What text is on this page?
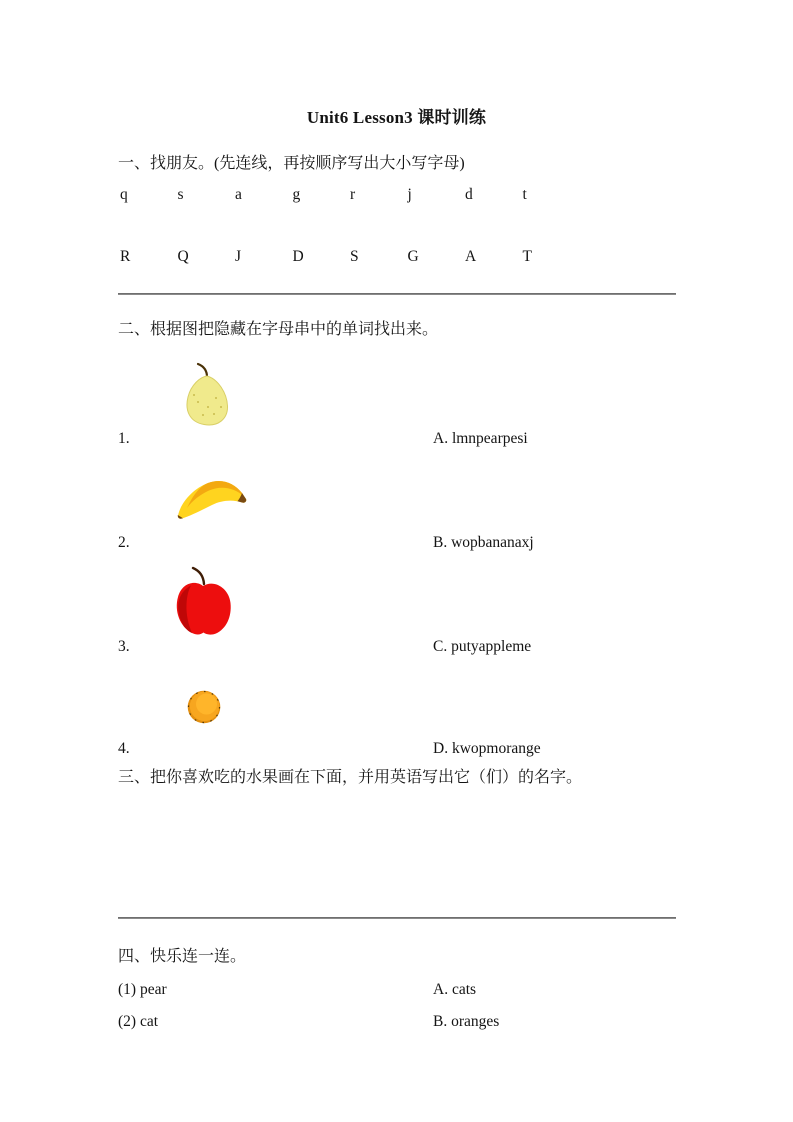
Unit6 Lesson3 课时训练
一、找朋友。(先连线，再按顺序写出大小写字母)
q	s	a	g	r	j	d	t
R	Q	J	D	S	G	A	T
二、根据图把隐藏在字母串中的单词找出来。
1.	A. lmnpearpesi
2.	B. wopbananaxj
3.	C. putyappleme
4.	D. kwopmorange
三、把你喜欢吃的水果画在下面，并用英语写出它（们）的名字。
四、快乐连一连。
(1) pear	A. cats
(2) cat	B. oranges
